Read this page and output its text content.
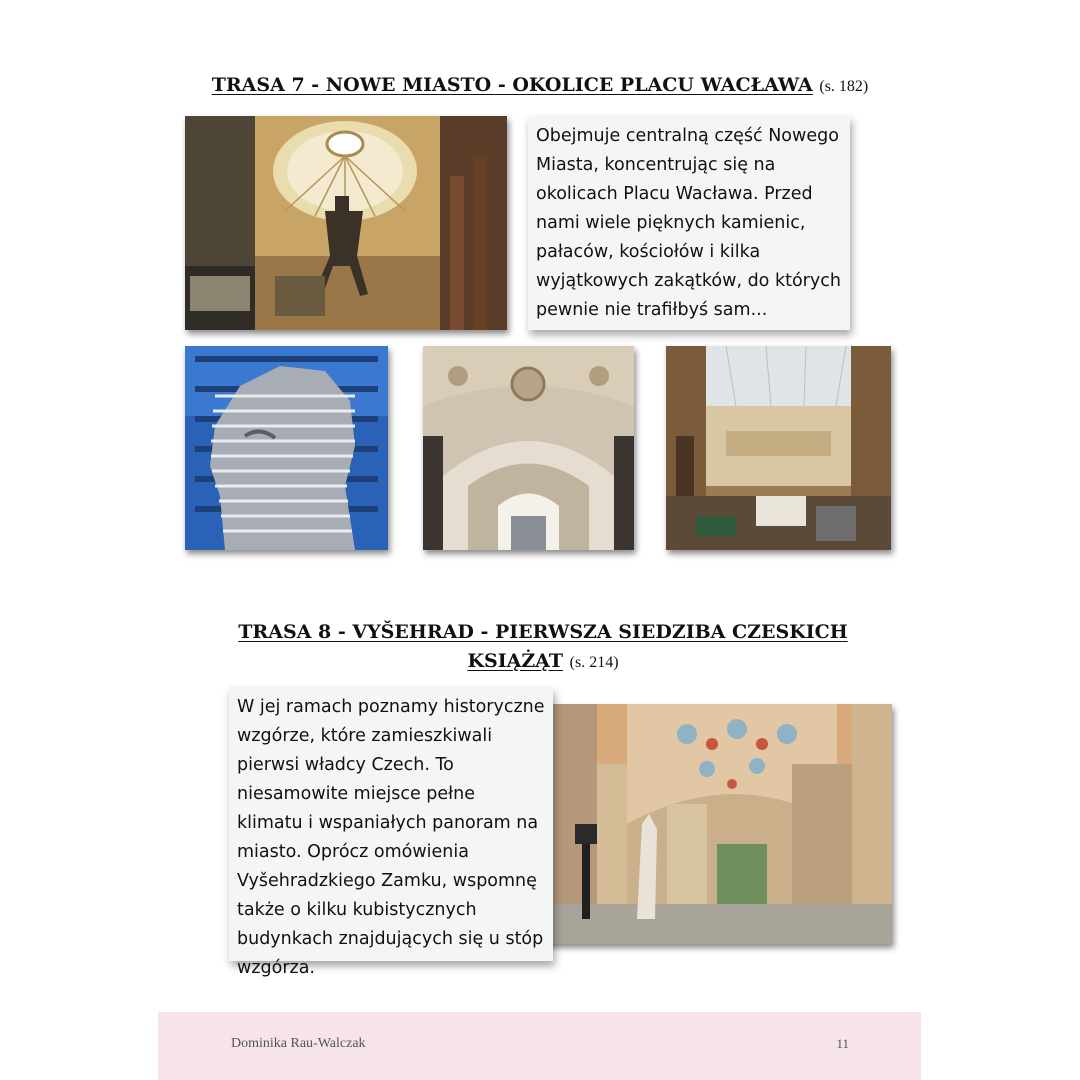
TRASA 7 - NOWE MIASTO - OKOLICE PLACU WACŁAWA (s. 182)
Obejmuje centralną część Nowego Miasta, koncentrując się na okolicach Placu Wacława. Przed nami wiele pięknych kamienic, pałaców, kościołów i kilka wyjątkowych zakątków, do których pewnie nie trafiłbyś sam...
TRASA 8 - VYŠEHRAD - PIERWSZA SIEDZIBA CZESKICH
KSIĄŻĄT (s. 214)
W jej ramach poznamy historyczne wzgórze, które zamieszkiwali pierwsi władcy Czech. To niesamowite miejsce pełne klimatu i wspaniałych panoram na miasto. Oprócz omówienia Vyšehradzkiego Zamku, wspomnę także o kilku kubistycznych budynkach znajdujących się u stóp wzgórza.
Dominika Rau-Walczak	11
